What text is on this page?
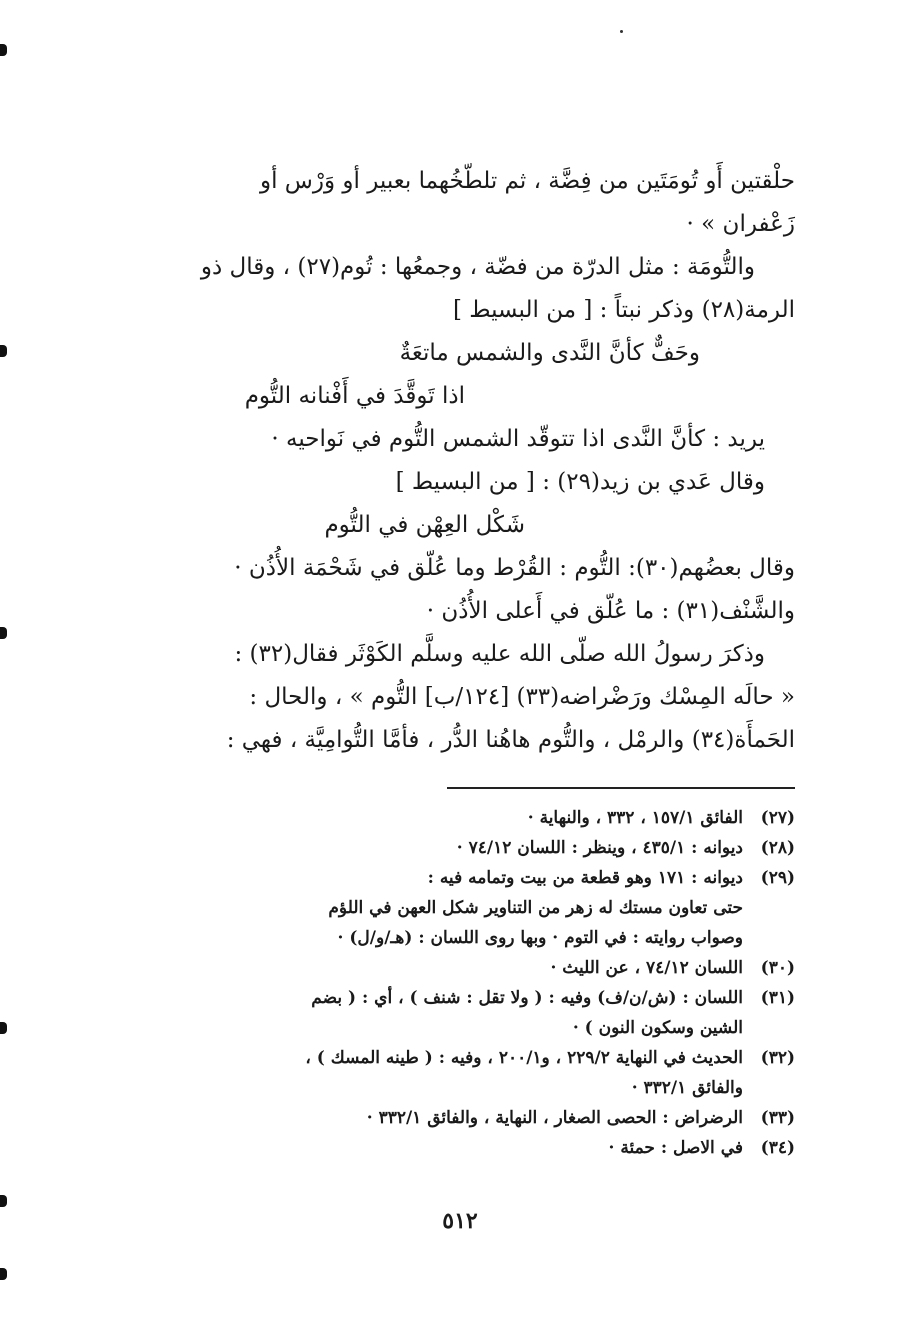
حلْقتين أَو تُومَتَين من فِضَّة ، ثم تلطّخُهما بعبير أو وَرْس أو
زَعْفران » ·
والتُّومَة : مثل الدرّة من فضّة ، وجمعُها : تُوم(٢٧) ، وقال ذو
الرمة(٢٨) وذكر نبتاً : [ من البسيط ]
وحَفٌّ كأنَّ النَّدى والشمس ماتعَةٌ
اذا تَوقَّدَ في أَفْنانه التُّوم
يريد : كأنَّ النَّدى اذا تتوقّد الشمس التُّوم في نَواحيه ·
وقال عَدي بن زيد(٢٩) : [ من البسيط ]
شَكْل العِهْن في التُّوم
وقال بعضُهم(٣٠): التُّوم : القُرْط وما عُلّق في شَحْمَة الأُذُن ·
والشَّنْف(٣١) : ما عُلّق في أَعلى الأُذُن ·
وذكرَ رسولُ الله صلّى الله عليه وسلَّم الكَوْثَر فقال(٣٢) :
« حالَه المِسْك ورَضْراضه(٣٣) [١٢٤/ب] التُّوم » ، والحال :
الحَمأَة(٣٤) والرمْل ، والتُّوم هاهُنا الدُّر ، فأمَّا التُّوامِيَّة ، فهي :
(٢٧)
الفائق ١٥٧/١ ، ٣٣٢ ، والنهاية ·
(٢٨)
ديوانه : ٤٣٥/١ ، وينظر : اللسان ٧٤/١٢ ·
(٢٩)
ديوانه : ١٧١ وهو قطعة من بيت وتمامه فيه :
حتى تعاون مستك له زهر من التناوير شكل العهن في اللؤم
وصواب روايته : في التوم · وبها روى اللسان : (هـ/و/ل) ·
(٣٠)
اللسان ٧٤/١٢ ، عن الليث ·
(٣١)
اللسان : (ش/ن/ف) وفيه : ( ولا تقل : شنف ) ، أي : ( بضم
الشين وسكون النون ) ·
(٣٢)
الحديث في النهاية ٢٢٩/٢ ، و٢٠٠/١ ، وفيه : ( طينه المسك ) ،
والفائق ٣٣٢/١ ·
(٣٣)
الرضراض : الحصى الصغار ، النهاية ، والفائق ٣٣٢/١ ·
(٣٤)
في الاصل : حمئة ·
٥١٢
